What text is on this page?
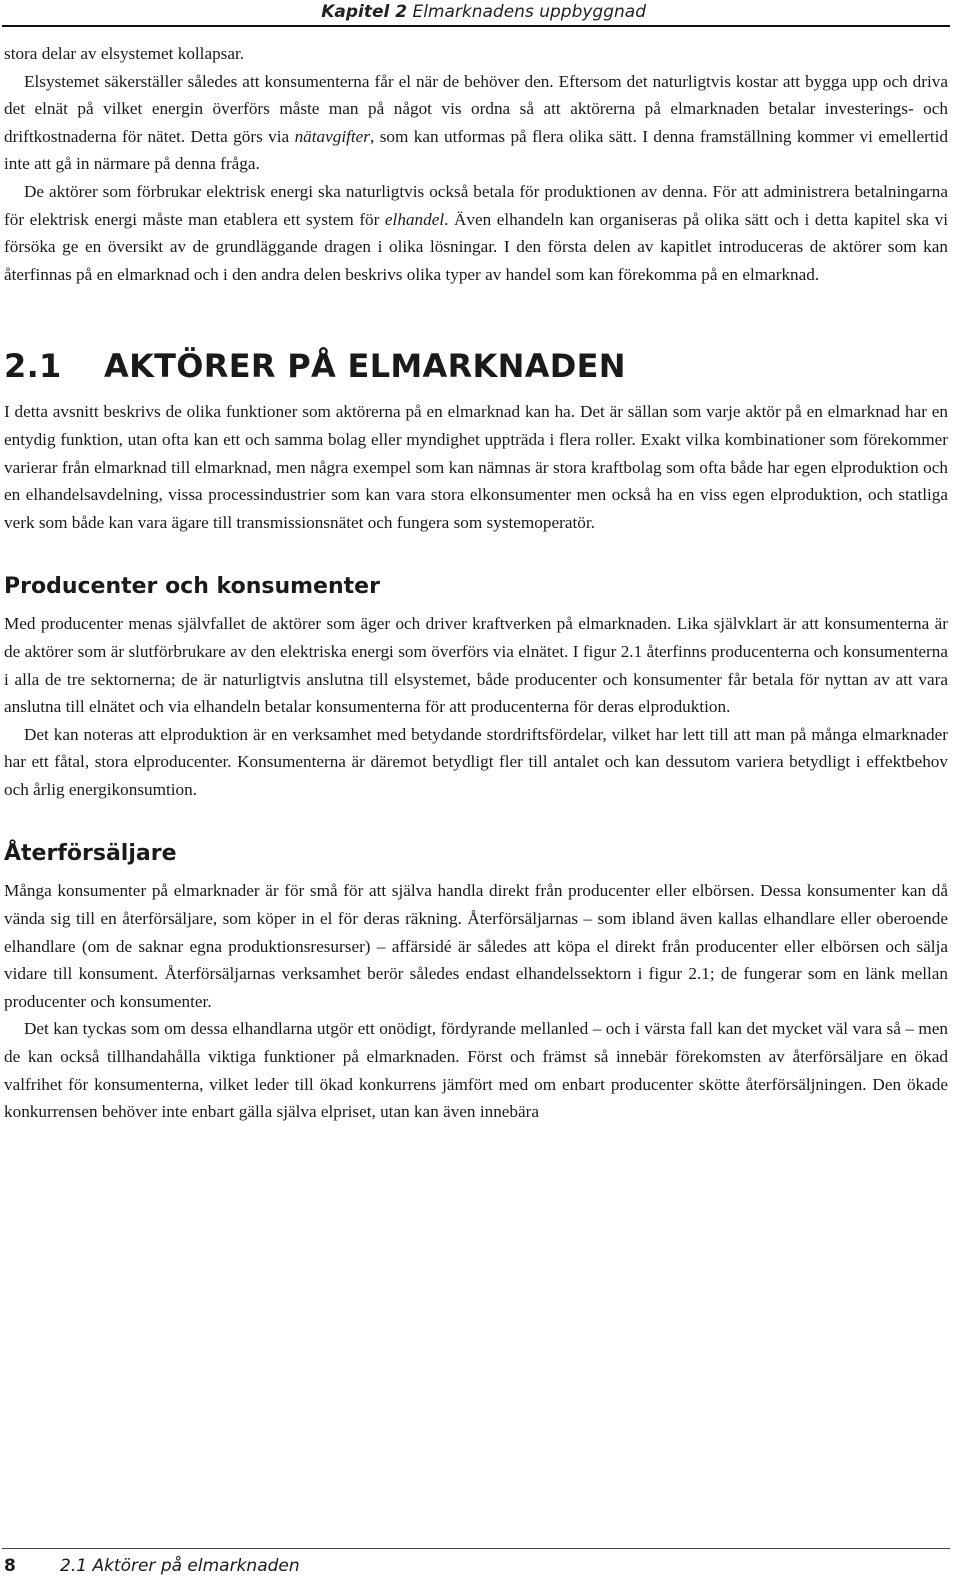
Kapitel 2 Elmarknadens uppbyggnad

stora delar av elsystemet kollapsar.

Elsystemet säkerställer således att konsumenterna får el när de behöver den. Eftersom det naturligtvis kostar att bygga upp och driva det elnät på vilket energin överförs måste man på något vis ordna så att aktörerna på elmarknaden betalar investerings- och driftkostnaderna för nätet. Detta görs via nätavgifter, som kan utformas på flera olika sätt. I denna framställning kommer vi emellertid inte att gå in närmare på denna fråga.

De aktörer som förbrukar elektrisk energi ska naturligtvis också betala för produktionen av denna. För att administrera betalningarna för elektrisk energi måste man etablera ett system för elhandel. Även elhandeln kan organiseras på olika sätt och i detta kapitel ska vi försöka ge en översikt av de grundläggande dragen i olika lösningar. I den första delen av kapitlet introduceras de aktörer som kan återfinnas på en elmarknad och i den andra delen beskrivs olika typer av handel som kan förekomma på en elmarknad.

2.1 AKTÖRER PÅ ELMARKNADEN

I detta avsnitt beskrivs de olika funktioner som aktörerna på en elmarknad kan ha. Det är sällan som varje aktör på en elmarknad har en entydig funktion, utan ofta kan ett och samma bolag eller myndighet uppträda i flera roller. Exakt vilka kombinationer som förekommer varierar från elmarknad till elmarknad, men några exempel som kan nämnas är stora kraftbolag som ofta både har egen elproduktion och en elhandelsavdelning, vissa processindustrier som kan vara stora elkonsumenter men också ha en viss egen elproduktion, och statliga verk som både kan vara ägare till transmissionsnätet och fungera som systemoperatör.

Producenter och konsumenter

Med producenter menas självfallet de aktörer som äger och driver kraftverken på elmarknaden. Lika självklart är att konsumenterna är de aktörer som är slutförbrukare av den elektriska energi som överförs via elnätet. I figur 2.1 återfinns producenterna och konsumenterna i alla de tre sektornerna; de är naturligtvis anslutna till elsystemet, både producenter och konsumenter får betala för nyttan av att vara anslutna till elnätet och via elhandeln betalar konsumenterna för att producenterna för deras elproduktion.

Det kan noteras att elproduktion är en verksamhet med betydande stordriftsfördelar, vilket har lett till att man på många elmarknader har ett fåtal, stora elproducenter. Konsumenterna är däremot betydligt fler till antalet och kan dessutom variera betydligt i effektbehov och årlig energikonsumtion.

Återförsäljare

Många konsumenter på elmarknader är för små för att själva handla direkt från producenter eller elbörsen. Dessa konsumenter kan då vända sig till en återförsäljare, som köper in el för deras räkning. Återförsäljarnas – som ibland även kallas elhandlare eller oberoende elhandlare (om de saknar egna produktionsresurser) – affärsidé är således att köpa el direkt från producenter eller elbörsen och sälja vidare till konsument. Återförsäljarnas verksamhet berör således endast elhandelssektorn i figur 2.1; de fungerar som en länk mellan producenter och konsumenter.

Det kan tyckas som om dessa elhandlarna utgör ett onödigt, fördyrande mellanled – och i värsta fall kan det mycket väl vara så – men de kan också tillhandahålla viktiga funktioner på elmarknaden. Först och främst så innebär förekomsten av återförsäljare en ökad valfrihet för konsumenterna, vilket leder till ökad konkurrens jämfört med om enbart producenter skötte återförsäljningen. Den ökade konkurrensen behöver inte enbart gälla själva elpriset, utan kan även innebära

8	2.1 Aktörer på elmarknaden
